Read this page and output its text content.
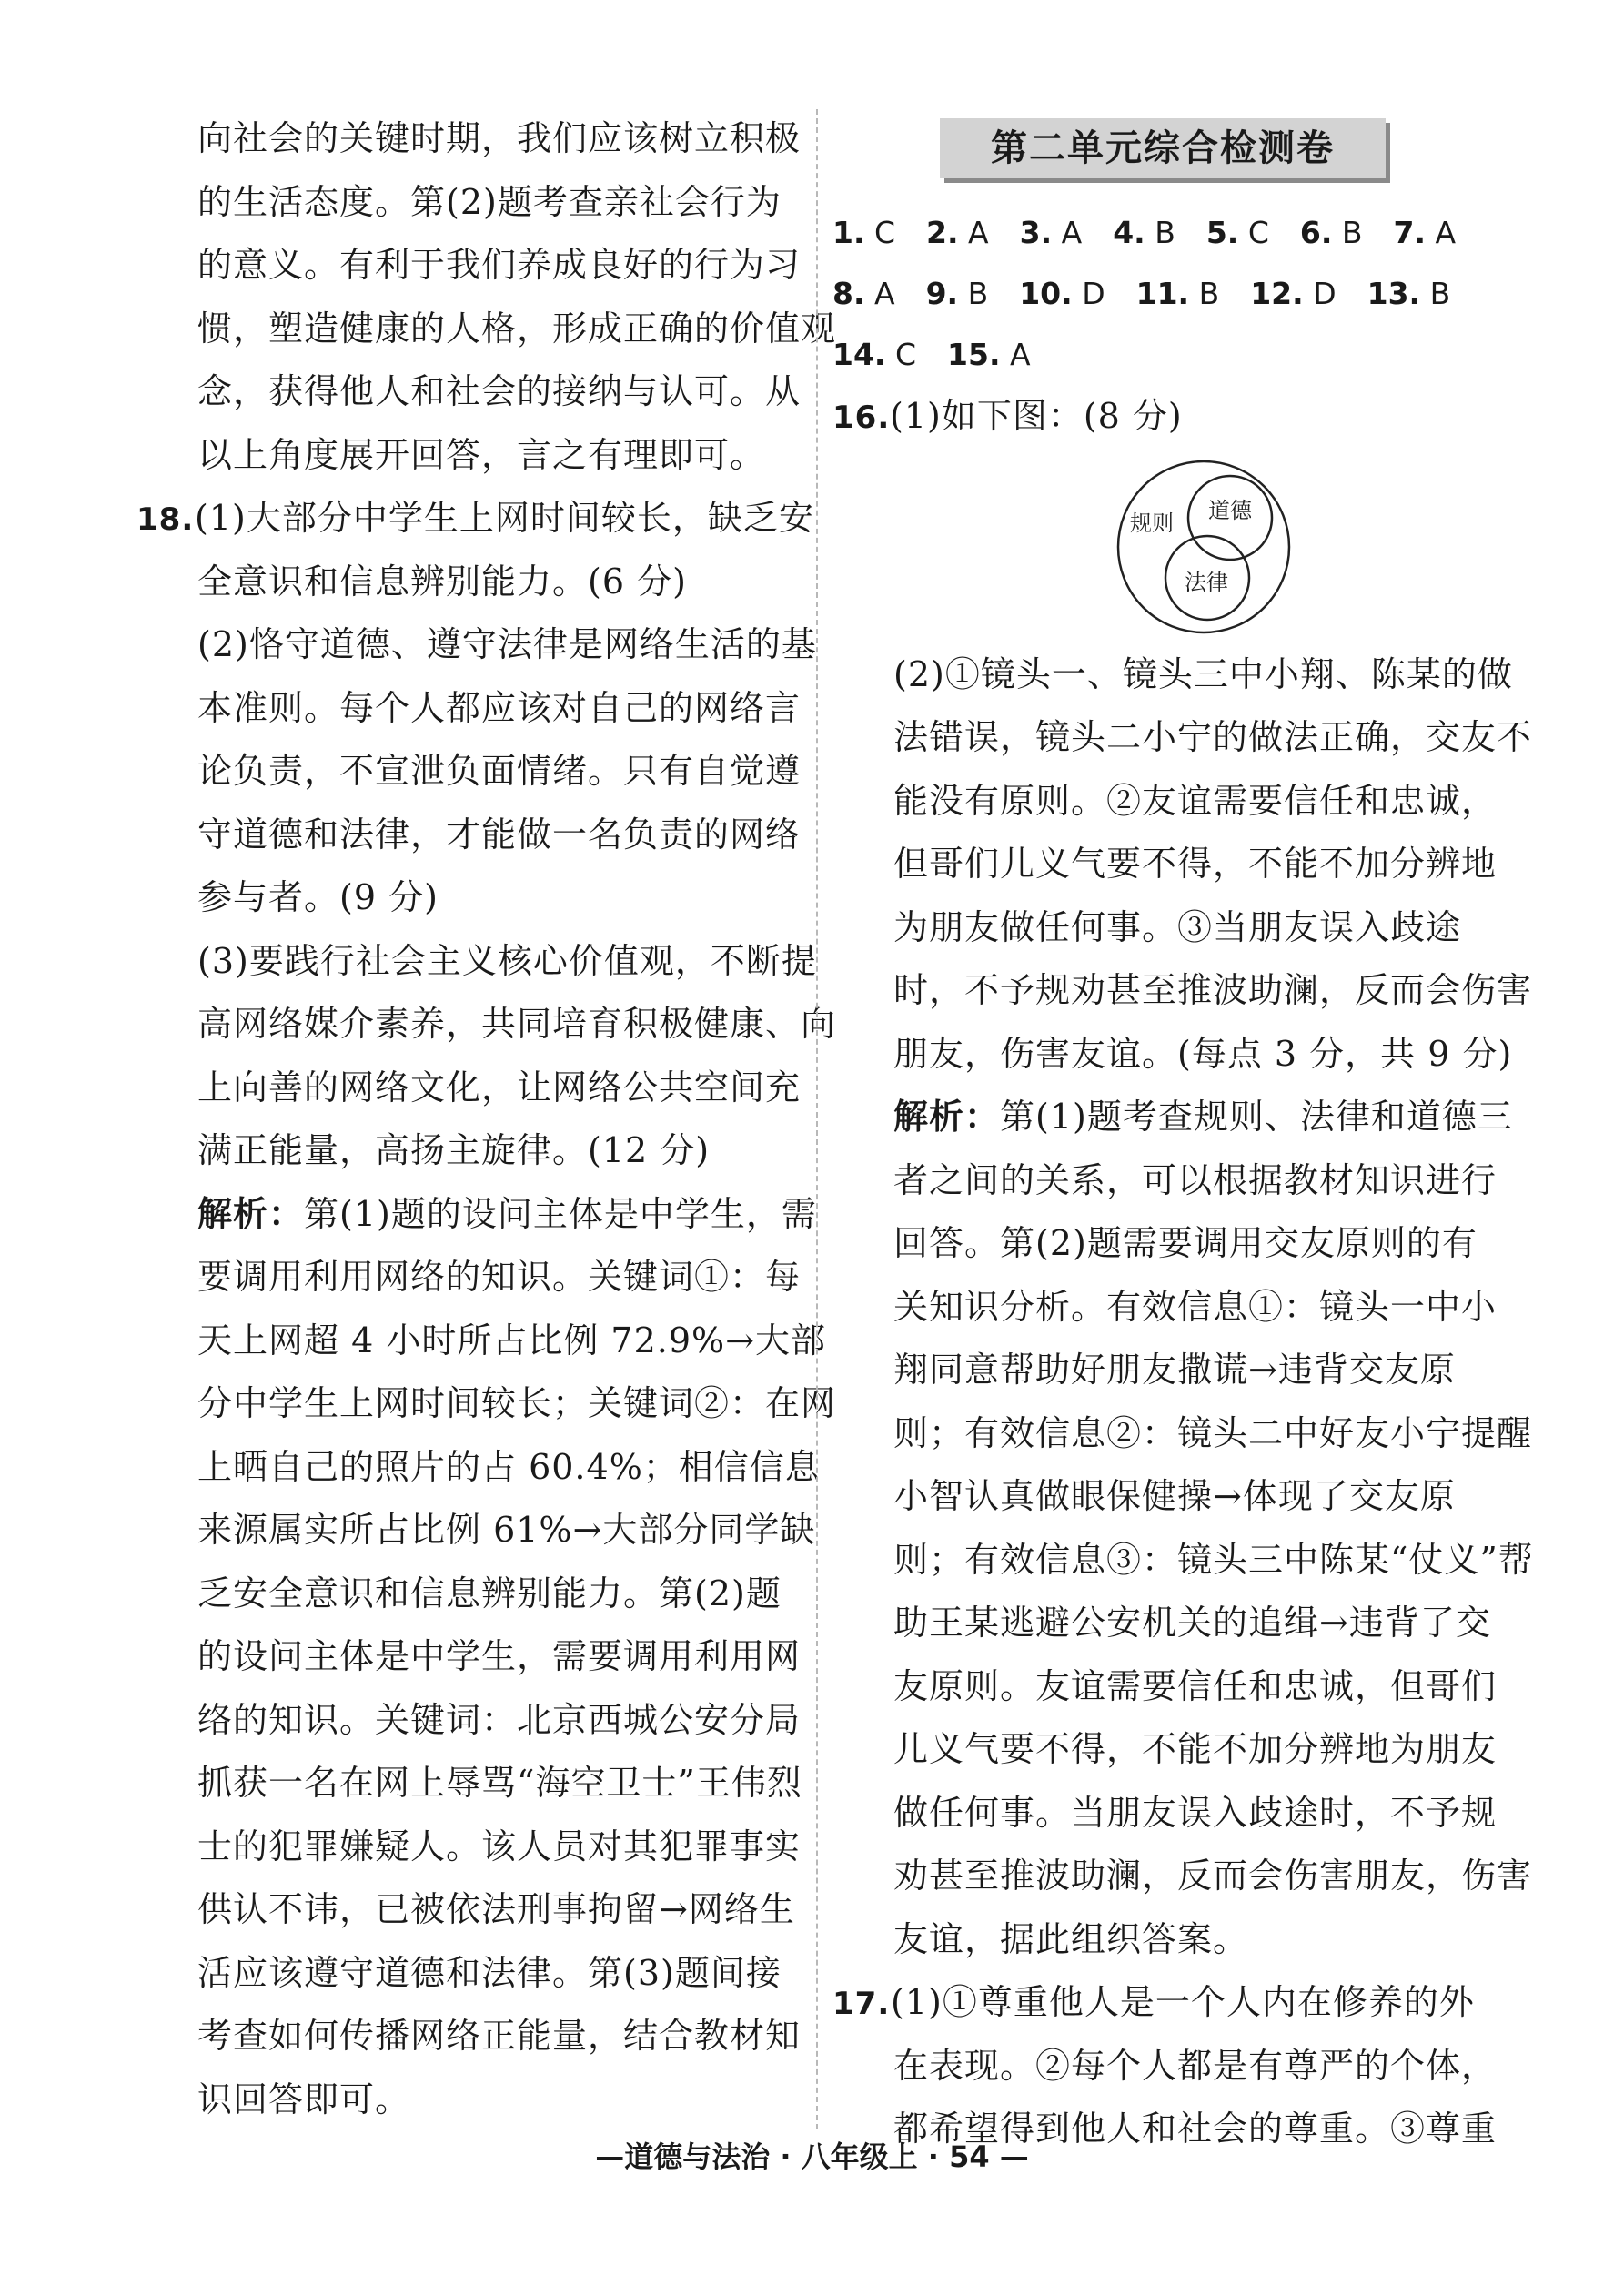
向社会的关键时期，我们应该树立积极
的生活态度。第(2)题考查亲社会行为
的意义。有利于我们养成良好的行为习
惯，塑造健康的人格，形成正确的价值观
念，获得他人和社会的接纳与认可。从
以上角度展开回答，言之有理即可。
18.(1)大部分中学生上网时间较长，缺乏安
全意识和信息辨别能力。(6 分)
(2)恪守道德、遵守法律是网络生活的基
本准则。每个人都应该对自己的网络言
论负责，不宣泄负面情绪。只有自觉遵
守道德和法律，才能做一名负责的网络
参与者。(9 分)
(3)要践行社会主义核心价值观，不断提
高网络媒介素养，共同培育积极健康、向
上向善的网络文化，让网络公共空间充
满正能量，高扬主旋律。(12 分)
解析：第(1)题的设问主体是中学生，需
要调用利用网络的知识。关键词①：每
天上网超 4 小时所占比例 72.9%→大部
分中学生上网时间较长；关键词②：在网
上晒自己的照片的占 60.4%；相信信息
来源属实所占比例 61%→大部分同学缺
乏安全意识和信息辨别能力。第(2)题
的设问主体是中学生，需要调用利用网
络的知识。关键词：北京西城公安分局
抓获一名在网上辱骂“海空卫士”王伟烈
士的犯罪嫌疑人。该人员对其犯罪事实
供认不讳，已被依法刑事拘留→网络生
活应该遵守道德和法律。第(3)题间接
考查如何传播网络正能量，结合教材知
识回答即可。
第二单元综合检测卷
1. C 2. A 3. A 4. B 5. C 6. B 7. A
8. A 9. B 10. D 11. B 12. D 13. B
14. C 15. A
16.(1)如下图：(8 分)
规则 道德
法律
(2)①镜头一、镜头三中小翔、陈某的做
法错误，镜头二小宁的做法正确，交友不
能没有原则。②友谊需要信任和忠诚，
但哥们儿义气要不得，不能不加分辨地
为朋友做任何事。③当朋友误入歧途
时，不予规劝甚至推波助澜，反而会伤害
朋友，伤害友谊。(每点 3 分，共 9 分)
解析：第(1)题考查规则、法律和道德三
者之间的关系，可以根据教材知识进行
回答。第(2)题需要调用交友原则的有
关知识分析。有效信息①：镜头一中小
翔同意帮助好朋友撒谎→违背交友原
则；有效信息②：镜头二中好友小宁提醒
小智认真做眼保健操→体现了交友原
则；有效信息③：镜头三中陈某“仗义”帮
助王某逃避公安机关的追缉→违背了交
友原则。友谊需要信任和忠诚，但哥们
儿义气要不得，不能不加分辨地为朋友
做任何事。当朋友误入歧途时，不予规
劝甚至推波助澜，反而会伤害朋友，伤害
友谊，据此组织答案。
17.(1)①尊重他人是一个人内在修养的外
在表现。②每个人都是有尊严的个体，
都希望得到他人和社会的尊重。③尊重
—道德与法治 · 八年级上 · 54 —
